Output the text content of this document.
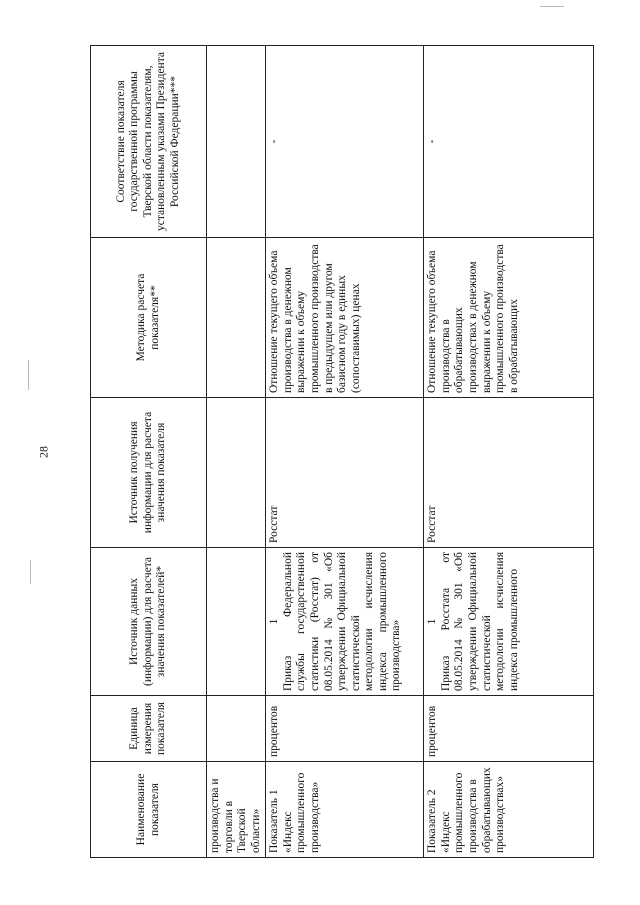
28
Наименование показателя	Единица измерения показателя	Источник данных (информации) для расчета значения показателей*	Источник получения информации для расчета значения показателя	Методика расчета показателя**	Соответствие показателя государственной программы Тверской области показателям, установленным указами Президента Российской Федерации***
производства и торговли в Тверской области»					
Показатель 1 «Индекс промышленного производства»	процентов	1 Приказ Федеральной службы государственной статистики (Росстат) от 08.05.2014 № 301 «Об утверждении Официальной статистической методологии исчисления индекса промышленного производства»	Росстат	Отношение текущего объема производства в денежном выражении к объему промышленного производства в предыдущем или другом базисном году в единых (сопоставимых) ценах	-
Показатель 2 «Индекс промышленного производства в обрабатывающих производствах»	процентов	1 Приказ Росстата от 08.05.2014 № 301 «Об утверждении Официальной статистической методологии исчисления индекса промышленного	Росстат	Отношение текущего объема производства в обрабатывающих производствах в денежном выражении к объему промышленного производства в обрабатывающих	-
